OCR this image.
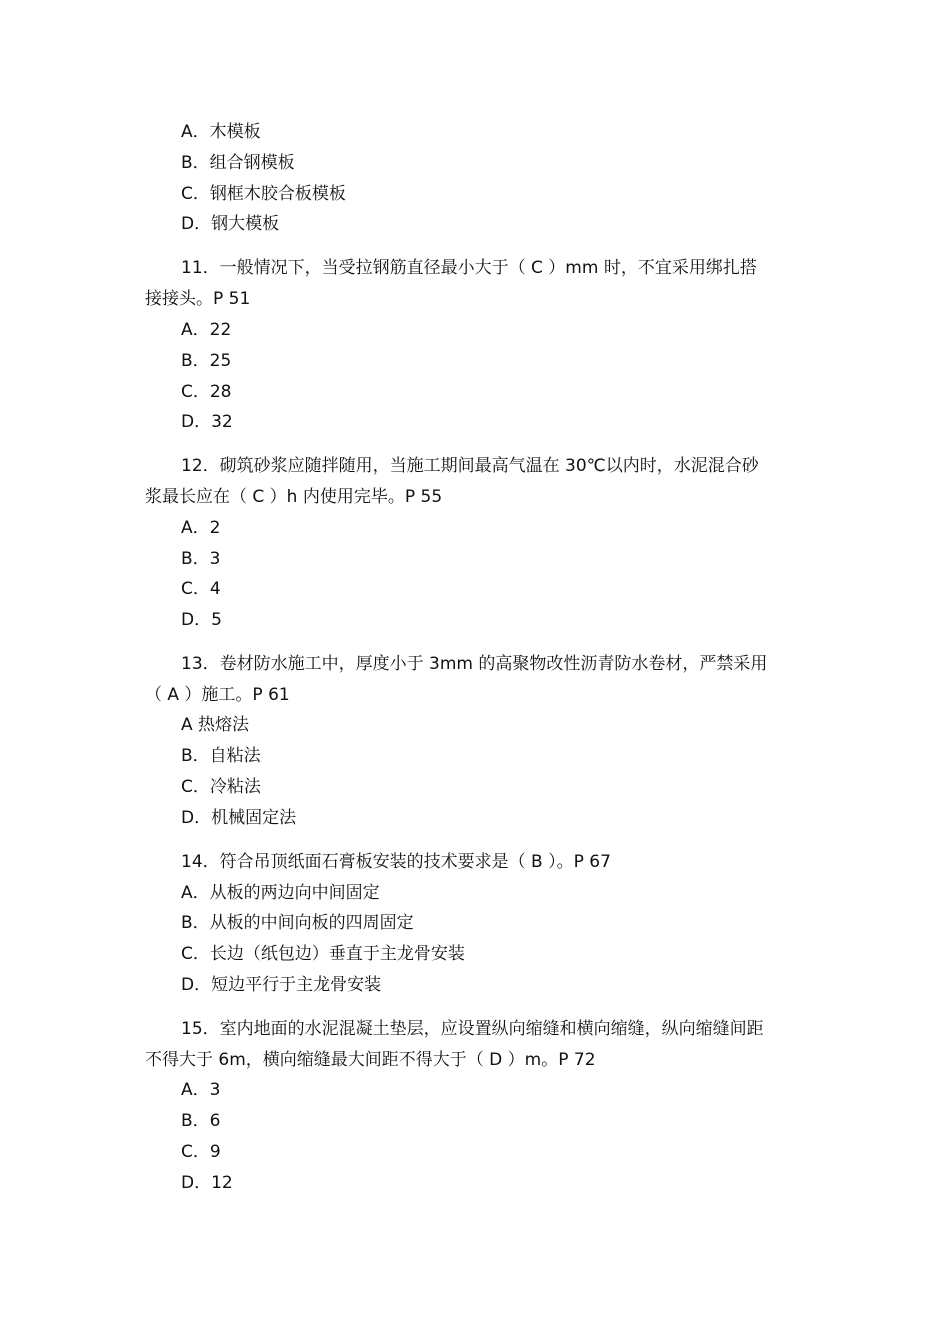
A．木模板
B．组合钢模板
C．钢框木胶合板模板
D．钢大模板
11．一般情况下，当受拉钢筋直径最小大于（ C ）mm 时，不宜采用绑扎搭
接接头。P 51
A．22
B．25
C．28
D．32
12．砌筑砂浆应随拌随用，当施工期间最高气温在 30℃以内时，水泥混合砂
浆最长应在（ C ）h 内使用完毕。P 55
A．2
B．3
C．4
D．5
13．卷材防水施工中，厚度小于 3mm 的高聚物改性沥青防水卷材，严禁采用
（ A ）施工。P 61
A 热熔法
B．自粘法
C．冷粘法
D．机械固定法
14．符合吊顶纸面石膏板安装的技术要求是（ B ）。P 67
A．从板的两边向中间固定
B．从板的中间向板的四周固定
C．长边（纸包边）垂直于主龙骨安装
D．短边平行于主龙骨安装
15．室内地面的水泥混凝土垫层，应设置纵向缩缝和横向缩缝，纵向缩缝间距
不得大于 6m，横向缩缝最大间距不得大于（ D ）m。P 72
A．3
B．6
C．9
D．12
